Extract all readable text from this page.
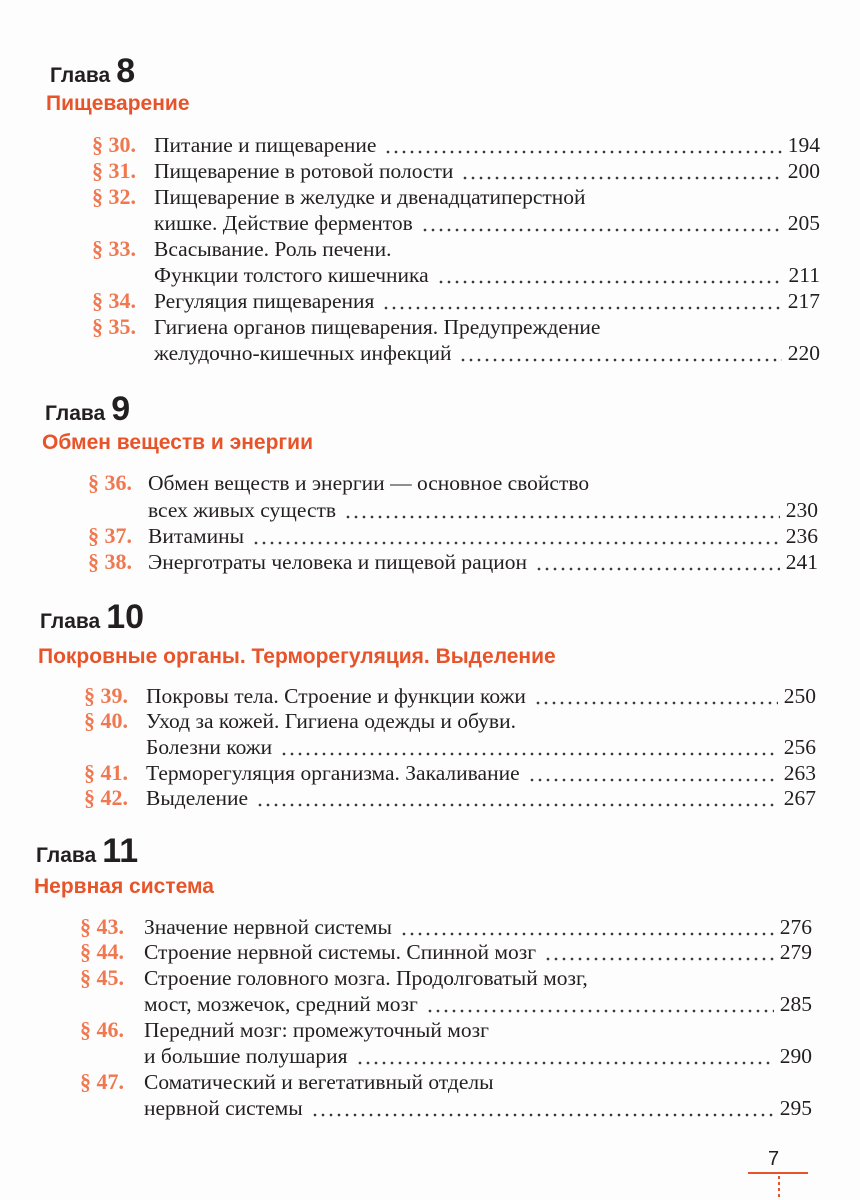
Глава 8
Пищеварение
§ 30. Питание и пищеварение	194
§ 31. Пищеварение в ротовой полости	200
§ 32. Пищеварение в желудке и двенадцатиперстной
кишке. Действие ферментов	205
§ 33. Всасывание. Роль печени.
Функции толстого кишечника	211
§ 34. Регуляция пищеварения	217
§ 35. Гигиена органов пищеварения. Предупреждение
желудочно-кишечных инфекций	220
Глава 9
Обмен веществ и энергии
§ 36. Обмен веществ и энергии — основное свойство
всех живых существ	230
§ 37. Витамины	236
§ 38. Энерготраты человека и пищевой рацион	241
Глава 10
Покровные органы. Терморегуляция. Выделение
§ 39. Покровы тела. Строение и функции кожи	250
§ 40. Уход за кожей. Гигиена одежды и обуви.
Болезни кожи	256
§ 41. Терморегуляция организма. Закаливание	263
§ 42. Выделение	267
Глава 11
Нервная система
§ 43. Значение нервной системы	276
§ 44. Строение нервной системы. Спинной мозг	279
§ 45. Строение головного мозга. Продолговатый мозг,
мост, мозжечок, средний мозг	285
§ 46. Передний мозг: промежуточный мозг
и большие полушария	290
§ 47. Соматический и вегетативный отделы
нервной системы	295
7
